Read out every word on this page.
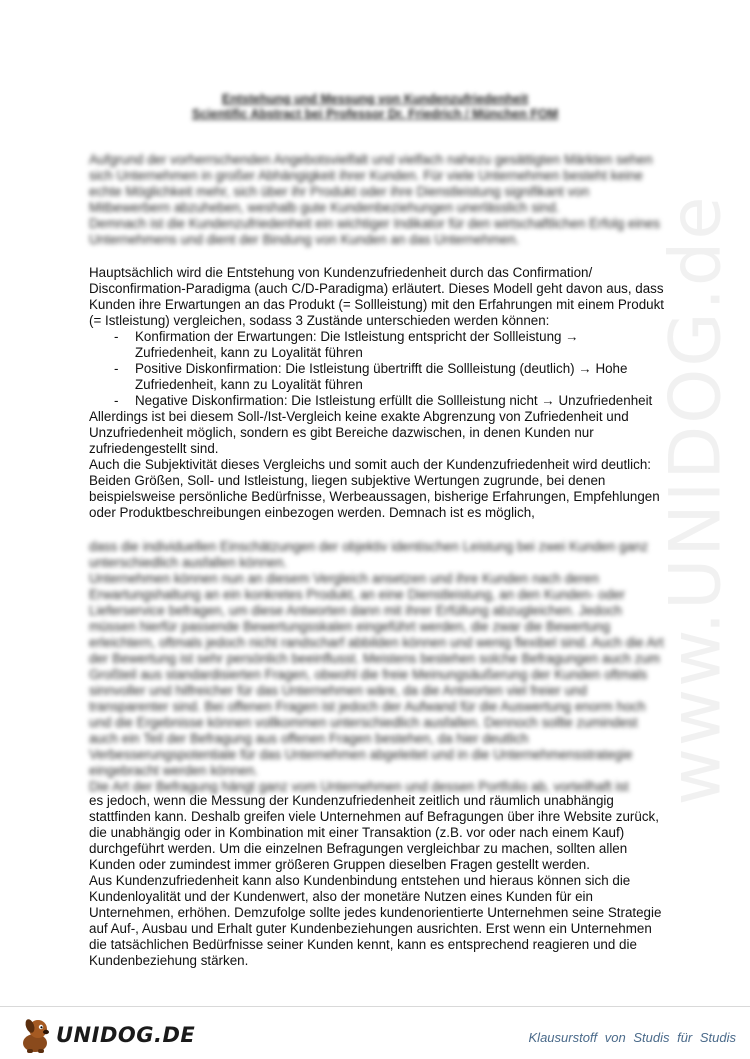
www.UNIDOG.de
Entstehung und Messung von Kundenzufriedenheit
Scientific Abstract bei Professor Dr. Friedrich / München FOM

Aufgrund der vorherrschenden Angebotsvielfalt und vielfach nahezu gesättigten Märkten sehen sich Unternehmen in großer Abhängigkeit ihrer Kunden. Für viele Unternehmen besteht keine echte Möglichkeit mehr, sich über ihr Produkt oder ihre Dienstleistung signifikant von Mitbewerbern abzuheben, weshalb gute Kundenbeziehungen unerlässlich sind.

Demnach ist die Kundenzufriedenheit ein wichtiger Indikator für den wirtschaftlichen Erfolg eines Unternehmens und dient der Bindung von Kunden an das Unternehmen.

Hauptsächlich wird die Entstehung von Kundenzufriedenheit durch das Confirmation/ Disconfirmation-Paradigma (auch C/D-Paradigma) erläutert. Dieses Modell geht davon aus, dass Kunden ihre Erwartungen an das Produkt (= Sollleistung) mit den Erfahrungen mit einem Produkt (= Istleistung) vergleichen, sodass 3 Zustände unterschieden werden können:

- Konfirmation der Erwartungen: Die Istleistung entspricht der Sollleistung → Zufriedenheit, kann zu Loyalität führen
- Positive Diskonfirmation: Die Istleistung übertrifft die Sollleistung (deutlich) → Hohe Zufriedenheit, kann zu Loyalität führen
- Negative Diskonfirmation: Die Istleistung erfüllt die Sollleistung nicht → Unzufriedenheit

Allerdings ist bei diesem Soll-/Ist-Vergleich keine exakte Abgrenzung von Zufriedenheit und Unzufriedenheit möglich, sondern es gibt Bereiche dazwischen, in denen Kunden nur zufriedengestellt sind.

Auch die Subjektivität dieses Vergleichs und somit auch der Kundenzufriedenheit wird deutlich: Beiden Größen, Soll- und Istleistung, liegen subjektive Wertungen zugrunde, bei denen beispielsweise persönliche Bedürfnisse, Werbeaussagen, bisherige Erfahrungen, Empfehlungen oder Produktbeschreibungen einbezogen werden. Demnach ist es möglich,

dass die individuellen Einschätzungen der objektiv identischen Leistung bei zwei Kunden ganz unterschiedlich ausfallen können.

Unternehmen können nun an diesem Vergleich ansetzen und ihre Kunden nach deren Erwartungshaltung an ein konkretes Produkt, an eine Dienstleistung, an den Kunden- oder Lieferservice befragen, um diese Antworten dann mit ihrer Erfüllung abzugleichen. Jedoch müssen hierfür passende Bewertungsskalen eingeführt werden, die zwar die Bewertung erleichtern, oftmals jedoch nicht randscharf abbilden können und wenig flexibel sind. Auch die Art der Bewertung ist sehr persönlich beeinflusst. Meistens bestehen solche Befragungen auch zum Großteil aus standardisierten Fragen, obwohl die freie Meinungsäußerung der Kunden oftmals sinnvoller und hilfreicher für das Unternehmen wäre, da die Antworten viel freier und transparenter sind. Bei offenen Fragen ist jedoch der Aufwand für die Auswertung enorm hoch und die Ergebnisse können vollkommen unterschiedlich ausfallen. Dennoch sollte zumindest auch ein Teil der Befragung aus offenen Fragen bestehen, da hier deutlich Verbesserungspotentiale für das Unternehmen abgeleitet und in die Unternehmensstrategie eingebracht werden können.

Die Art der Befragung hängt ganz vom Unternehmen und dessen Portfolio ab, vorteilhaft ist

es jedoch, wenn die Messung der Kundenzufriedenheit zeitlich und räumlich unabhängig stattfinden kann. Deshalb greifen viele Unternehmen auf Befragungen über ihre Website zurück, die unabhängig oder in Kombination mit einer Transaktion (z.B. vor oder nach einem Kauf) durchgeführt werden. Um die einzelnen Befragungen vergleichbar zu machen, sollten allen Kunden oder zumindest immer größeren Gruppen dieselben Fragen gestellt werden.

Aus Kundenzufriedenheit kann also Kundenbindung entstehen und hieraus können sich die Kundenloyalität und der Kundenwert, also der monetäre Nutzen eines Kunden für ein Unternehmen, erhöhen. Demzufolge sollte jedes kundenorientierte Unternehmen seine Strategie auf Auf-, Ausbau und Erhalt guter Kundenbeziehungen ausrichten. Erst wenn ein Unternehmen die tatsächlichen Bedürfnisse seiner Kunden kennt, kann es entsprechend reagieren und die Kundenbeziehung stärken.

UNIDOG.DE	Klausurstoff von Studis für Studis
